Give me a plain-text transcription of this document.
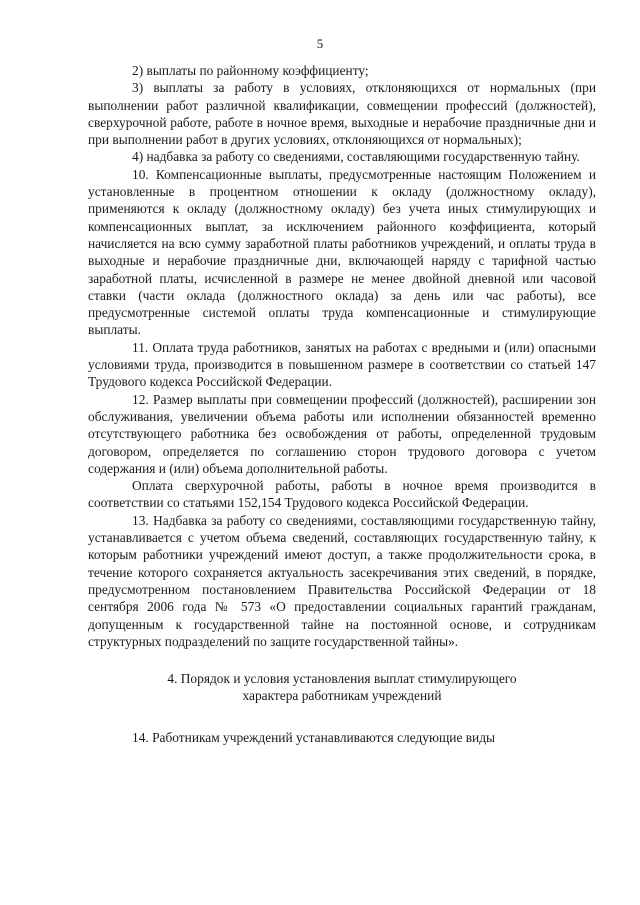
5

2) выплаты по районному коэффициенту;

3) выплаты за работу в условиях, отклоняющихся от нормальных (при выполнении работ различной квалификации, совмещении профессий (должностей), сверхурочной работе, работе в ночное время, выходные и нерабочие праздничные дни и при выполнении работ в других условиях, отклоняющихся от нормальных);

4) надбавка за работу со сведениями, составляющими государственную тайну.

10. Компенсационные выплаты, предусмотренные настоящим Положением и установленные в процентном отношении к окладу (должностному окладу), применяются к окладу (должностному окладу) без учета иных стимулирующих и компенсационных выплат, за исключением районного коэффициента, который начисляется на всю сумму заработной платы работников учреждений, и оплаты труда в выходные и нерабочие праздничные дни, включающей наряду с тарифной частью заработной платы, исчисленной в размере не менее двойной дневной или часовой ставки (части оклада (должностного оклада) за день или час работы), все предусмотренные системой оплаты труда компенсационные и стимулирующие выплаты.

11. Оплата труда работников, занятых на работах с вредными и (или) опасными условиями труда, производится в повышенном размере в соответствии со статьей 147 Трудового кодекса Российской Федерации.

12. Размер выплаты при совмещении профессий (должностей), расширении зон обслуживания, увеличении объема работы или исполнении обязанностей временно отсутствующего работника без освобождения от работы, определенной трудовым договором, определяется по соглашению сторон трудового договора с учетом содержания и (или) объема дополнительной работы.

Оплата сверхурочной работы, работы в ночное время производится в соответствии со статьями 152,154 Трудового кодекса Российской Федерации.

13. Надбавка за работу со сведениями, составляющими государственную тайну, устанавливается с учетом объема сведений, составляющих государственную тайну, к которым работники учреждений имеют доступ, а также продолжительности срока, в течение которого сохраняется актуальность засекречивания этих сведений, в порядке, предусмотренном постановлением Правительства Российской Федерации от 18 сентября 2006 года № 573 «О предоставлении социальных гарантий гражданам, допущенным к государственной тайне на постоянной основе, и сотрудникам структурных подразделений по защите государственной тайны».

4. Порядок и условия установления выплат стимулирующего
характера работникам учреждений

14. Работникам учреждений устанавливаются следующие виды
